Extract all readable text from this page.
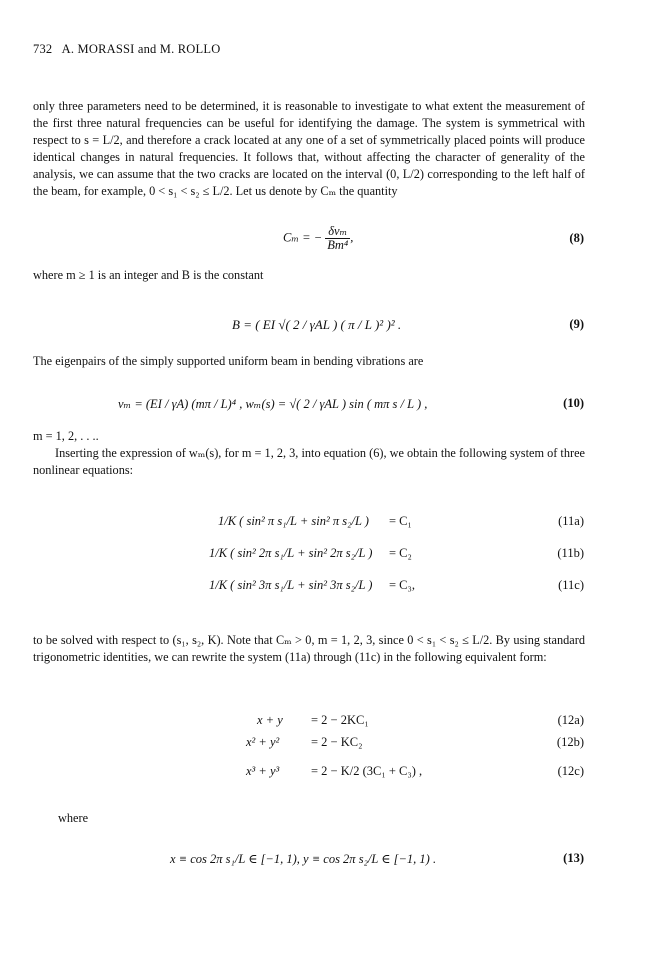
732 A. MORASSI and M. ROLLO

only three parameters need to be determined, it is reasonable to investigate to what extent the measurement of the first three natural frequencies can be useful for identifying the damage. The system is symmetrical with respect to s = L/2, and therefore a crack located at any one of a set of symmetrically placed points will produce identical changes in natural frequencies. It follows that, without affecting the character of generality of the analysis, we can assume that the two cracks are located on the interval (0, L/2) corresponding to the left half of the beam, for example, 0 < s₁ < s₂ ≤ L/2. Let us denote by Cₘ the quantity

Cₘ = − $\frac{\text{δνₘ}}{\text{Bm⁴}}$ ,	(8)

where m ≥ 1 is an integer and B is the constant

B = ( EI √( 2 / γAL ) ( π / L )² )² .	(9)

The eigenpairs of the simply supported uniform beam in bending vibrations are

νₘ = (EI / γA) (mπ / L)⁴ , wₘ(s) = √( 2 / γAL ) sin ( mπ s / L ) ,	(10)

m = 1, 2, . . ..

Inserting the expression of wₘ(s), for m = 1, 2, 3, into equation (6), we obtain the following system of three nonlinear equations:

1/K ( sin² π s₁/L + sin² π s₂/L ) = C₁	(11a)
1/K ( sin² 2π s₁/L + sin² 2π s₂/L ) = C₂	(11b)
1/K ( sin² 3π s₁/L + sin² 3π s₂/L ) = C₃,	(11c)

to be solved with respect to (s₁, s₂, K). Note that Cₘ > 0, m = 1, 2, 3, since 0 < s₁ < s₂ ≤ L/2. By using standard trigonometric identities, we can rewrite the system (11a) through (11c) in the following equivalent form:

x + y = 2 − 2KC₁	(12a)
x² + y²	= 2 − KC₂	(12b)
x³ + y³	= 2 − K/2 (3C₁ + C₃) ,	(12c)
where
x ≡ cos 2π s₁/L ∈ [−1, 1), y ≡ cos 2π s₂/L ∈ [−1, 1) .	(13)
